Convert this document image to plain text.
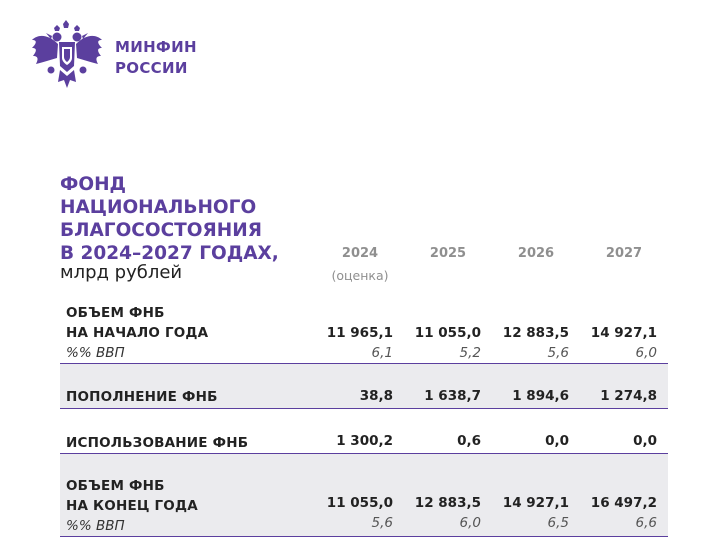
МИНФИН
РОССИИ
ФОНД
НАЦИОНАЛЬНОГО
БЛАГОСОСТОЯНИЯ
В 2024–2027 ГОДАХ,
млрд рублей
2024	2025	2026	2027
(оценка)
ОБЪЕМ ФНБ
НА НАЧАЛО ГОДА	11 965,1	11 055,0	12 883,5	14 927,1
%% ВВП	6,1	5,2	5,6	6,0
ПОПОЛНЕНИЕ ФНБ	38,8	1 638,7	1 894,6	1 274,8
ИСПОЛЬЗОВАНИЕ ФНБ	1 300,2	0,6	0,0	0,0
ОБЪЕМ ФНБ
НА КОНЕЦ ГОДА	11 055,0	12 883,5	14 927,1	16 497,2
%% ВВП	5,6	6,0	6,5	6,6
